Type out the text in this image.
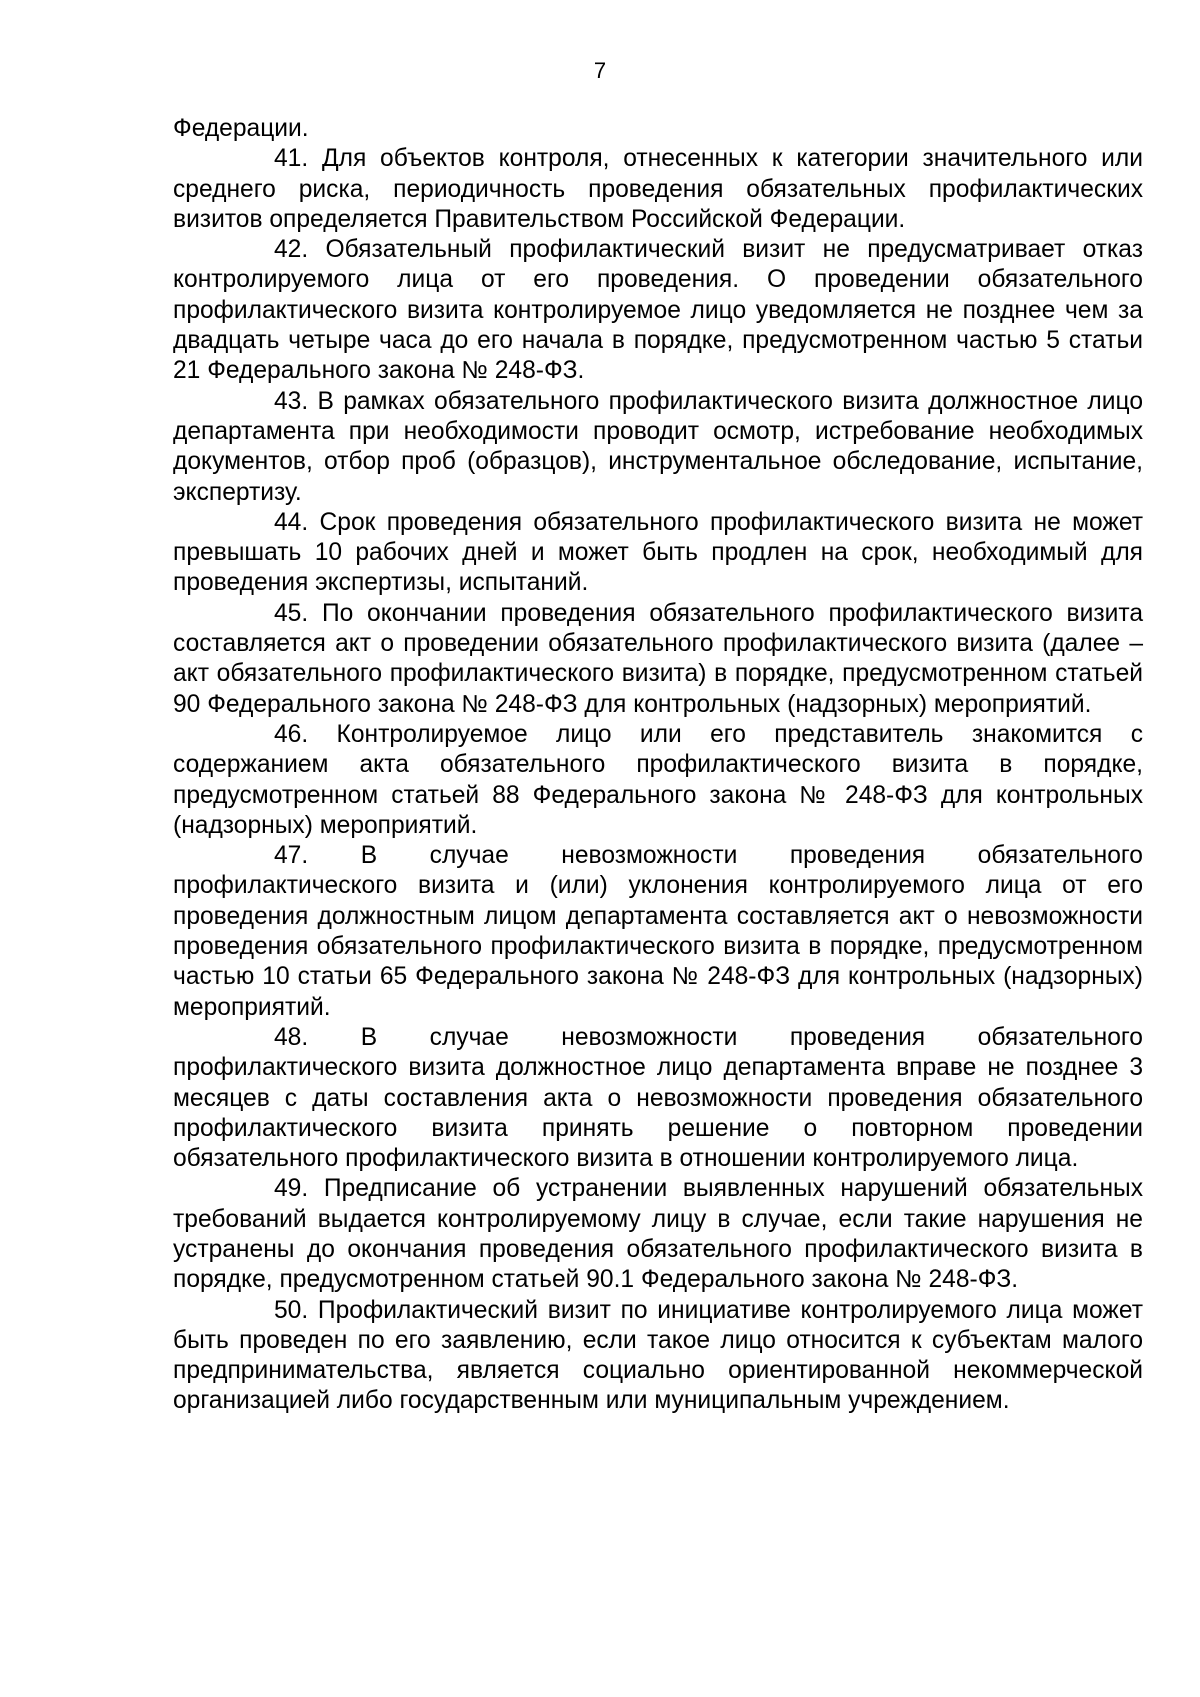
7

Федерации.

41. Для объектов контроля, отнесенных к категории значительного или среднего риска, периодичность проведения обязательных профилактических визитов определяется Правительством Российской Федерации.

42. Обязательный профилактический визит не предусматривает отказ контролируемого лица от его проведения. О проведении обязательного профилактического визита контролируемое лицо уведомляется не позднее чем за двадцать четыре часа до его начала в порядке, предусмотренном частью 5 статьи 21 Федерального закона № 248-ФЗ.

43. В рамках обязательного профилактического визита должностное лицо департамента при необходимости проводит осмотр, истребование необходимых документов, отбор проб (образцов), инструментальное обследование, испытание, экспертизу.

44. Срок проведения обязательного профилактического визита не может превышать 10 рабочих дней и может быть продлен на срок, необходимый для проведения экспертизы, испытаний.

45. По окончании проведения обязательного профилактического визита составляется акт о проведении обязательного профилактического визита (далее – акт обязательного профилактического визита) в порядке, предусмотренном статьей 90 Федерального закона № 248-ФЗ для контрольных (надзорных) мероприятий.

46. Контролируемое лицо или его представитель знакомится с содержанием акта обязательного профилактического визита в порядке, предусмотренном статьей 88 Федерального закона № 248-ФЗ для контрольных (надзорных) мероприятий.

47. В случае невозможности проведения обязательного профилактического визита и (или) уклонения контролируемого лица от его проведения должностным лицом департамента составляется акт о невозможности проведения обязательного профилактического визита в порядке, предусмотренном частью 10 статьи 65 Федерального закона № 248-ФЗ для контрольных (надзорных) мероприятий.

48. В случае невозможности проведения обязательного профилактического визита должностное лицо департамента вправе не позднее 3 месяцев с даты составления акта о невозможности проведения обязательного профилактического визита принять решение о повторном проведении обязательного профилактического визита в отношении контролируемого лица.

49. Предписание об устранении выявленных нарушений обязательных требований выдается контролируемому лицу в случае, если такие нарушения не устранены до окончания проведения обязательного профилактического визита в порядке, предусмотренном статьей 90.1 Федерального закона № 248-ФЗ.

50. Профилактический визит по инициативе контролируемого лица может быть проведен по его заявлению, если такое лицо относится к субъектам малого предпринимательства, является социально ориентированной некоммерческой организацией либо государственным или муниципальным учреждением.
